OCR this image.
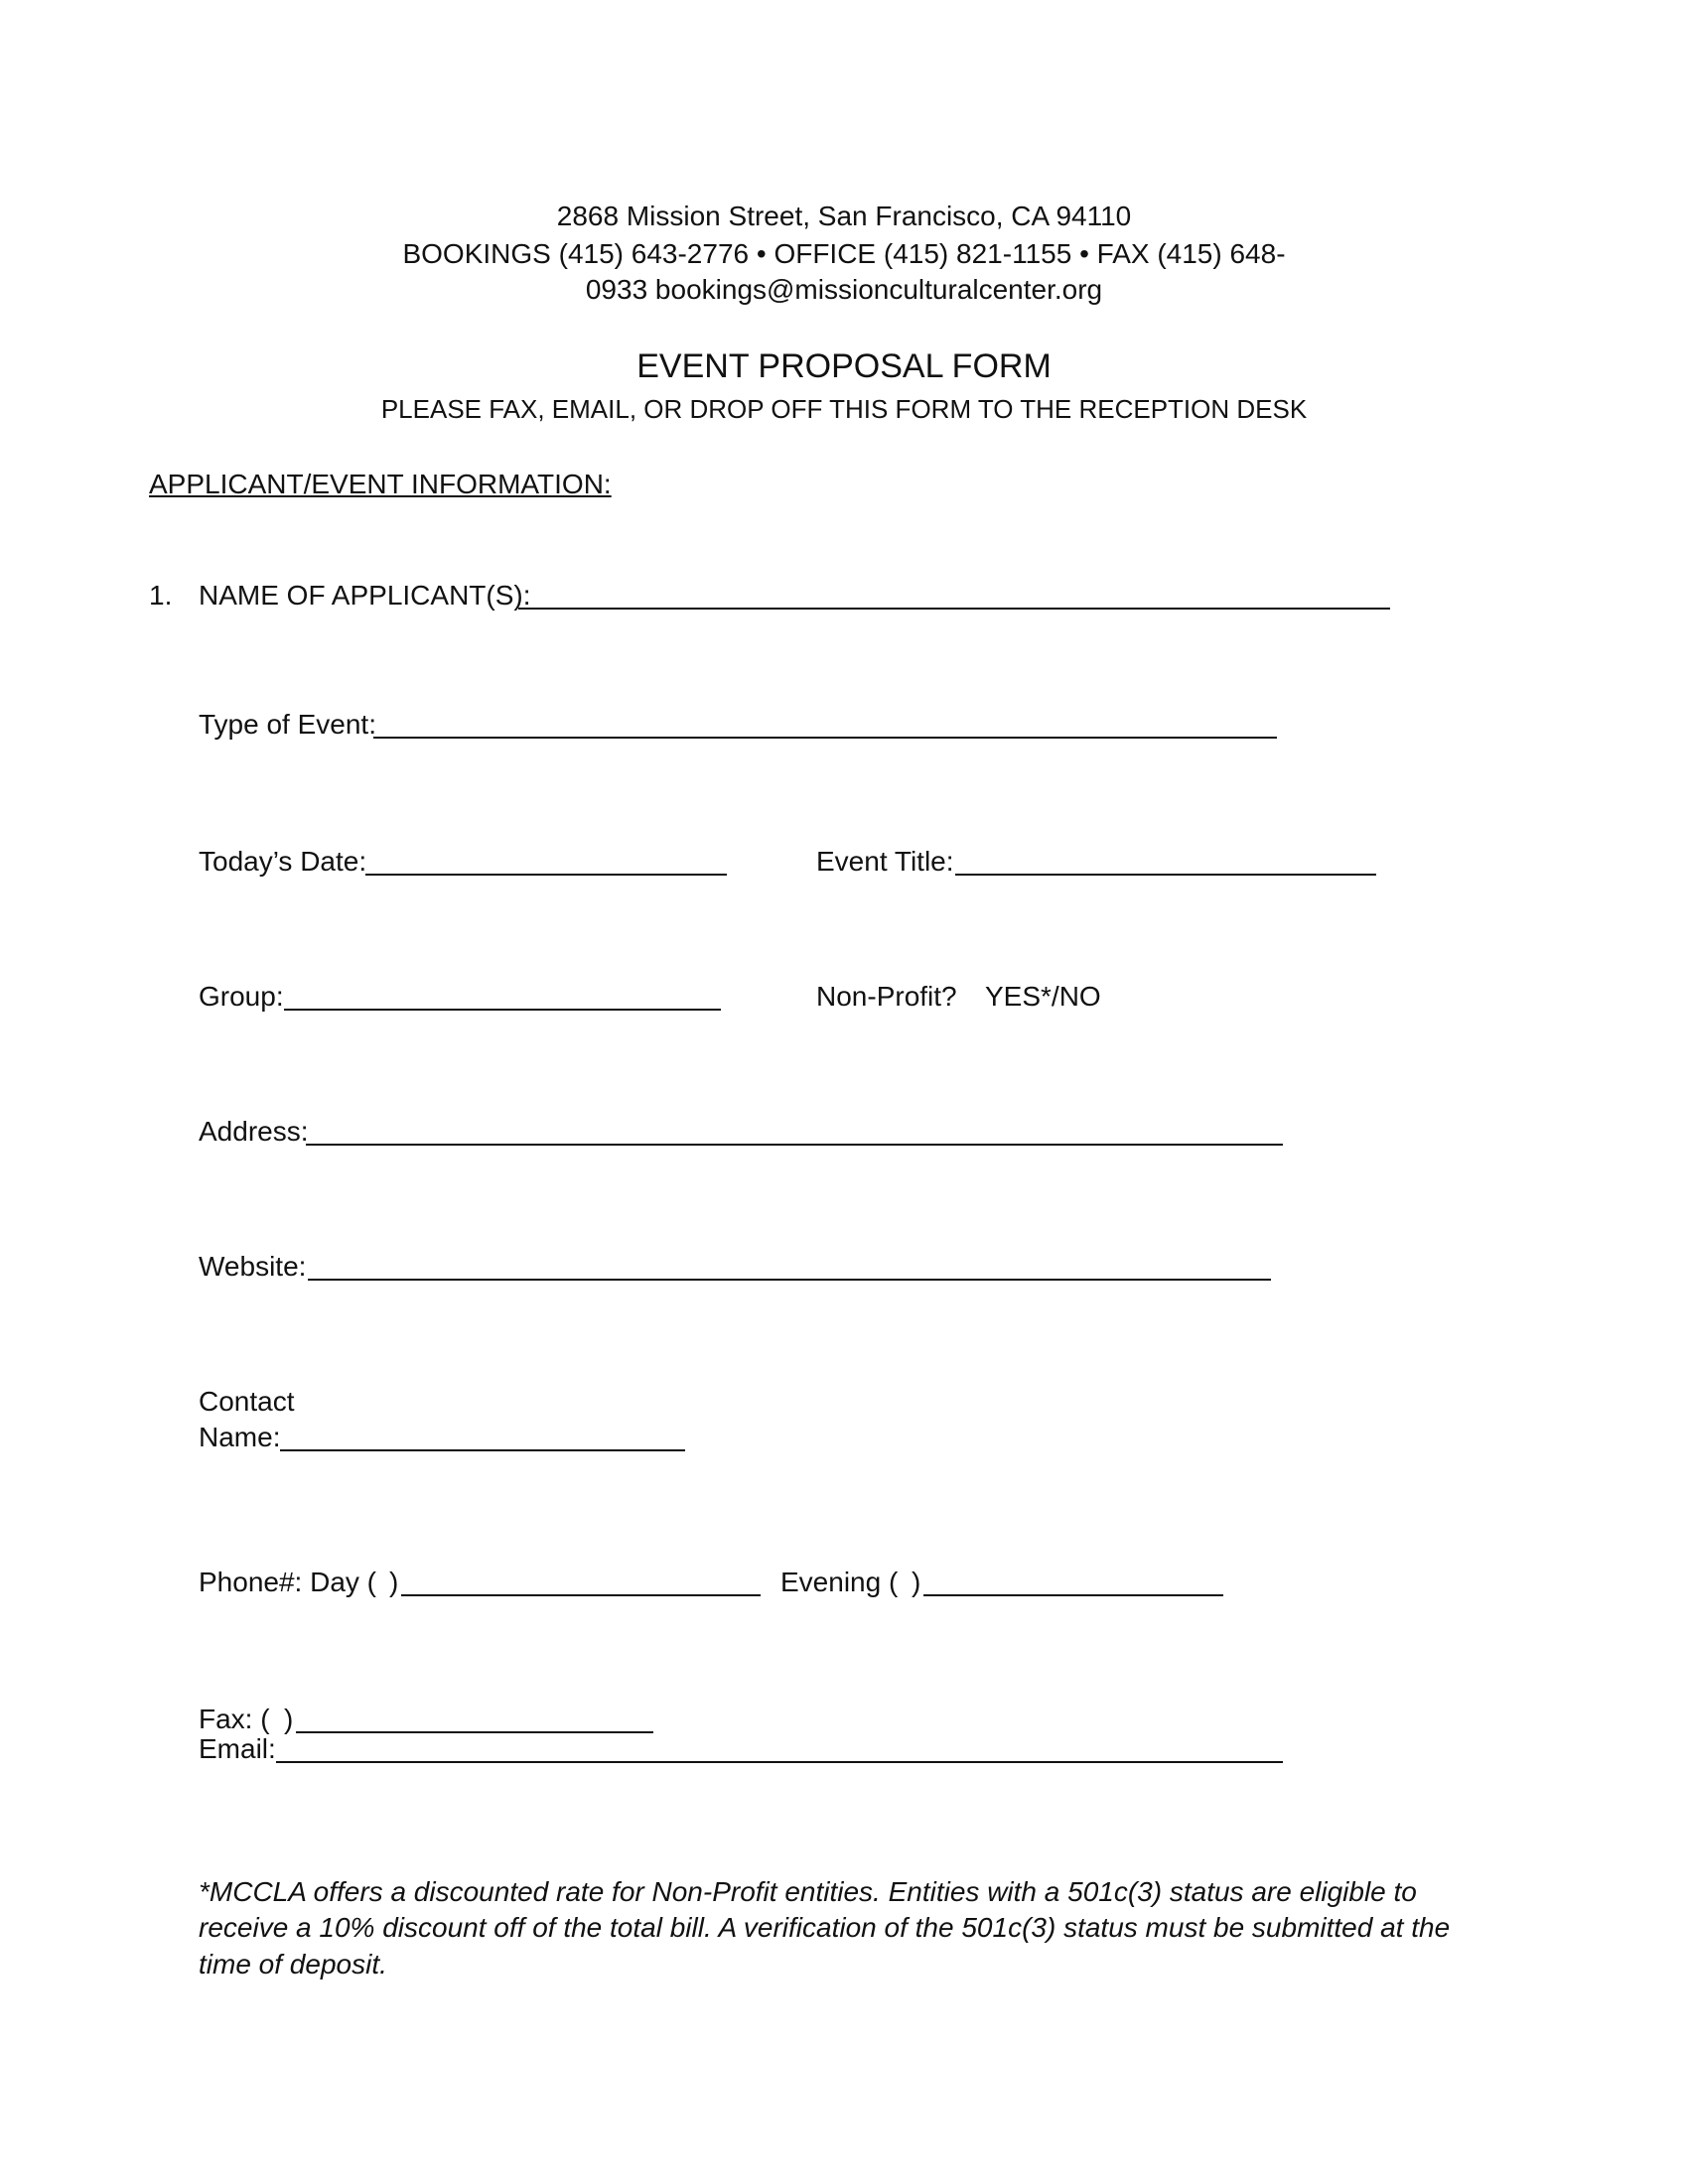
2868 Mission Street, San Francisco, CA 94110
BOOKINGS (415) 643‑2776 • OFFICE (415) 821‑1155 • FAX (415) 648‑
0933 bookings@missionculturalcenter.org
EVENT PROPOSAL FORM
PLEASE FAX, EMAIL, OR DROP OFF THIS FORM TO THE RECEPTION DESK
APPLICANT/EVENT INFORMATION:
1. NAME OF APPLICANT(S):
Type of Event:
Today’s Date:	Event Title:
Group:	Non‑Profit? YES*/NO
Address:
Website:
Contact
Name:
Phone#: Day ( )	Evening ( )
Fax: ( )
Email:
*MCCLA offers a discounted rate for Non‑Profit entities. Entities with a 501c(3) status are eligible to receive a 10% discount off of the total bill. A verification of the 501c(3) status must be submitted at the time of deposit.
